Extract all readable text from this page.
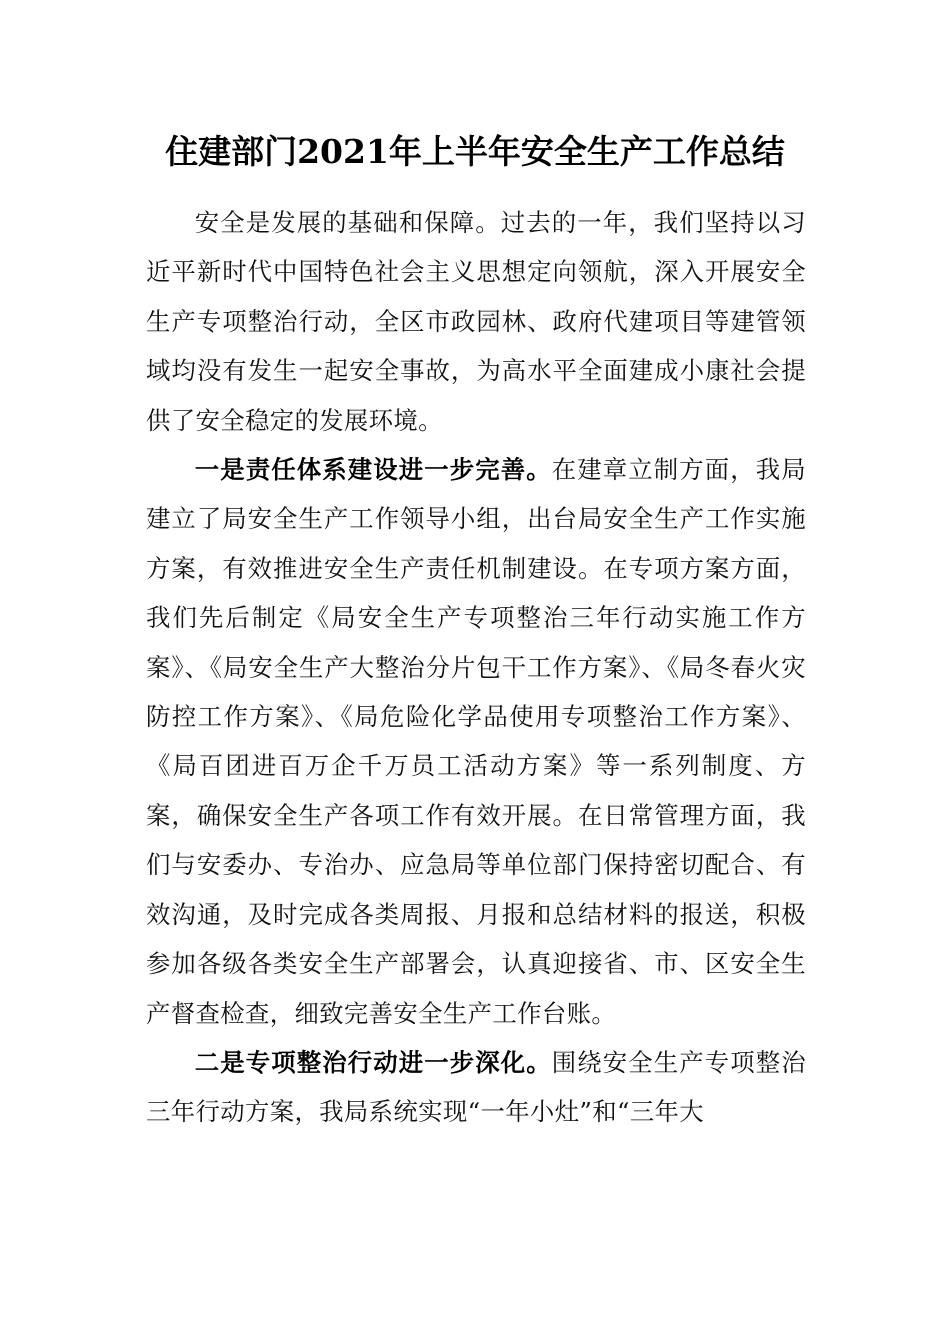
住建部门2021年上半年安全生产工作总结

安全是发展的基础和保障。过去的一年，我们坚持以习近平新时代中国特色社会主义思想定向领航，深入开展安全生产专项整治行动，全区市政园林、政府代建项目等建管领域均没有发生一起安全事故，为高水平全面建成小康社会提供了安全稳定的发展环境。

一是责任体系建设进一步完善。在建章立制方面，我局建立了局安全生产工作领导小组，出台局安全生产工作实施方案，有效推进安全生产责任机制建设。在专项方案方面，我们先后制定《局安全生产专项整治三年行动实施工作方案》、《局安全生产大整治分片包干工作方案》、《局冬春火灾防控工作方案》、《局危险化学品使用专项整治工作方案》、《局百团进百万企千万员工活动方案》等一系列制度、方案，确保安全生产各项工作有效开展。在日常管理方面，我们与安委办、专治办、应急局等单位部门保持密切配合、有效沟通，及时完成各类周报、月报和总结材料的报送，积极参加各级各类安全生产部署会，认真迎接省、市、区安全生产督查检查，细致完善安全生产工作台账。

二是专项整治行动进一步深化。围绕安全生产专项整治三年行动方案，我局系统实现“一年小灶”和“三年大
